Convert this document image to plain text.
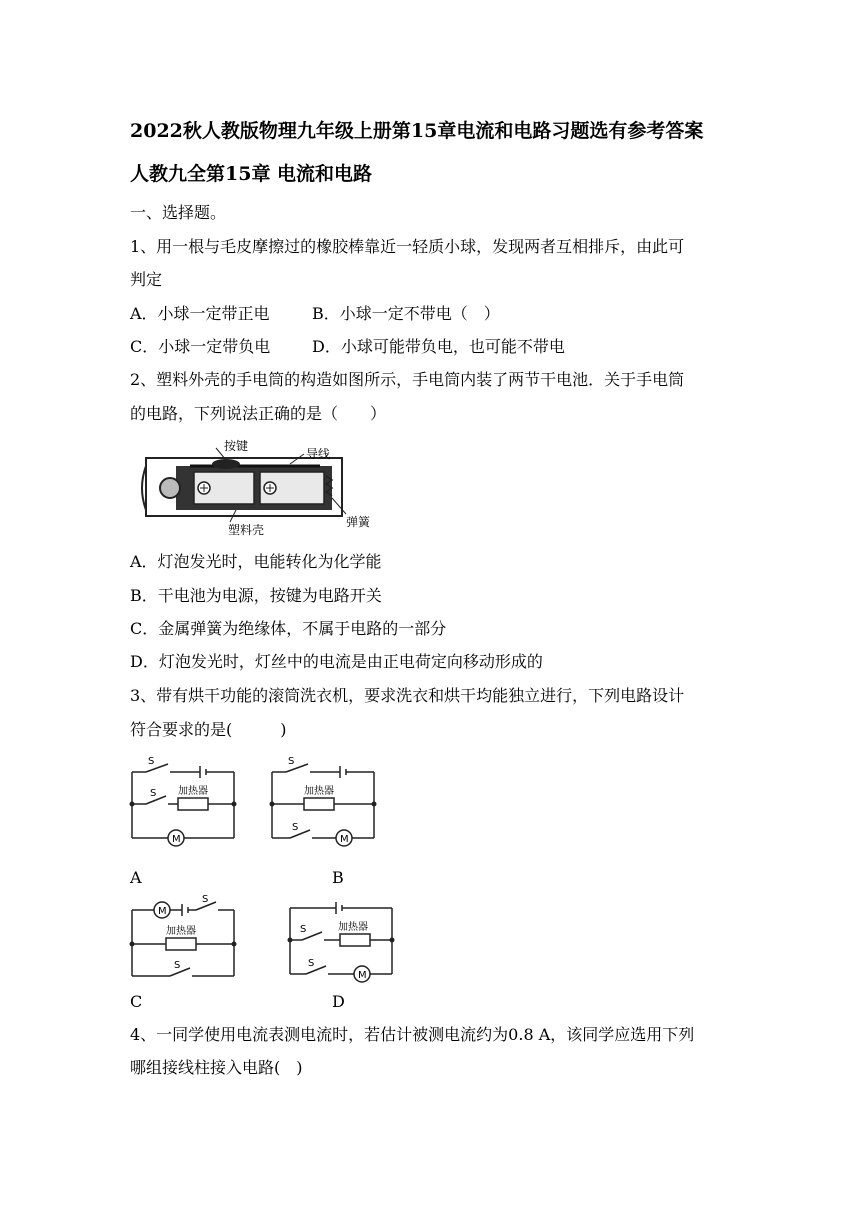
2022秋人教版物理九年级上册第15章电流和电路习题选有参考答案
人教九全第15章 电流和电路
一、选择题。
1、用一根与毛皮摩擦过的橡胶棒靠近一轻质小球，发现两者互相排斥，由此可
判定
A．小球一定带正电	B．小球一定不带电（　）
C．小球一定带负电	D．小球可能带负电，也可能不带电
2、塑料外壳的手电筒的构造如图所示，手电筒内装了两节干电池．关于手电筒
的电路，下列说法正确的是（　　）
按键
导线
弹簧
塑料壳
A．灯泡发光时，电能转化为化学能
B．干电池为电源，按键为电路开关
C．金属弹簧为绝缘体，不属于电路的一部分
D．灯泡发光时，灯丝中的电流是由正电荷定向移动形成的
3、带有烘干功能的滚筒洗衣机，要求洗衣和烘干均能独立进行，下列电路设计
符合要求的是(　　　)
S
S 加热器
M
S
S
加热器
M
A	B
M
S
S
加热器	S
S
加热器
M
C	D
4、一同学使用电流表测电流时，若估计被测电流约为0.8 A，该同学应选用下列
哪组接线柱接入电路(　)
